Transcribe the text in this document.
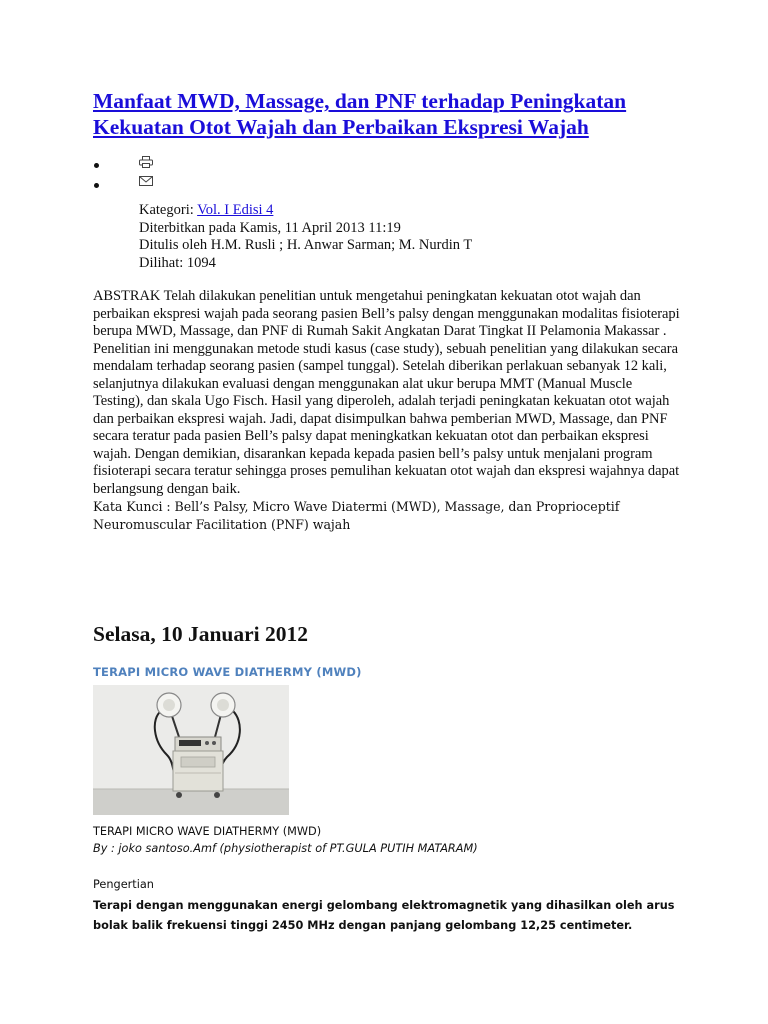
Manfaat MWD, Massage, dan PNF terhadap Peningkatan Kekuatan Otot Wajah dan Perbaikan Ekspresi Wajah
Kategori: Vol. I Edisi 4
Diterbitkan pada Kamis, 11 April 2013 11:19
Ditulis oleh H.M. Rusli ; H. Anwar Sarman; M. Nurdin T
Dilihat: 1094
ABSTRAK Telah dilakukan penelitian untuk mengetahui peningkatan kekuatan otot wajah dan perbaikan ekspresi wajah pada seorang pasien Bell’s palsy dengan menggunakan modalitas fisioterapi berupa MWD, Massage, dan PNF di Rumah Sakit Angkatan Darat Tingkat II Pelamonia Makassar . Penelitian ini menggunakan metode studi kasus (case study), sebuah penelitian yang dilakukan secara mendalam terhadap seorang pasien (sampel tunggal). Setelah diberikan perlakuan sebanyak 12 kali, selanjutnya dilakukan evaluasi dengan menggunakan alat ukur berupa MMT (Manual Muscle Testing), dan skala Ugo Fisch. Hasil yang diperoleh, adalah terjadi peningkatan kekuatan otot wajah dan perbaikan ekspresi wajah. Jadi, dapat disimpulkan bahwa pemberian MWD, Massage, dan PNF secara teratur pada pasien Bell’s palsy dapat meningkatkan kekuatan otot dan perbaikan ekspresi wajah. Dengan demikian, disarankan kepada kepada pasien bell’s palsy untuk menjalani program fisioterapi secara teratur sehingga proses pemulihan kekuatan otot wajah dan ekspresi wajahnya dapat berlangsung dengan baik.
Kata Kunci : Bell’s Palsy, Micro Wave Diatermi (MWD), Massage, dan Proprioceptif Neuromuscular Facilitation (PNF) wajah
Selasa, 10 Januari 2012
TERAPI MICRO WAVE DIATHERMY (MWD)
TERAPI MICRO WAVE DIATHERMY (MWD)
By : joko santoso.Amf (physiotherapist of PT.GULA PUTIH MATARAM)
Pengertian
Terapi dengan menggunakan energi gelombang elektromagnetik yang dihasilkan oleh arus bolak balik frekuensi tinggi 2450 MHz dengan panjang gelombang 12,25 centimeter.
